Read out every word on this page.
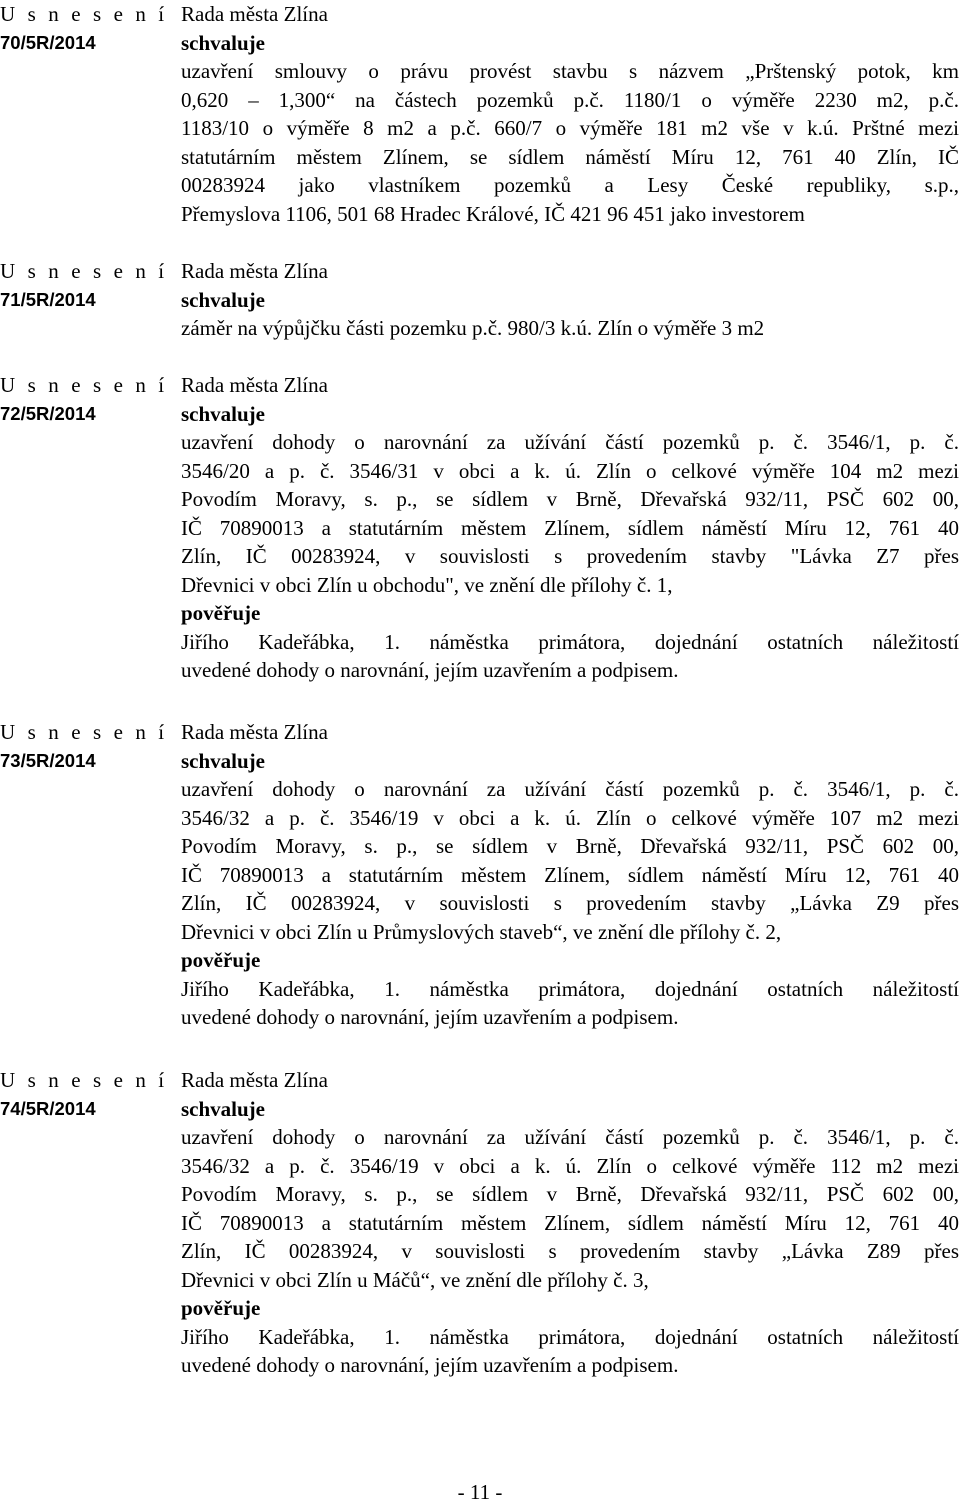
U s n e s e n í
70/5R/2014
Rada města Zlína
schvaluje
uzavření smlouvy o právu provést stavbu s názvem „Prštenský potok, km
0,620 – 1,300“ na částech pozemků p.č. 1180/1 o výměře 2230 m2, p.č.
1183/10 o výměře 8 m2 a p.č. 660/7 o výměře 181 m2 vše v k.ú. Prštné mezi
statutárním městem Zlínem, se sídlem náměstí Míru 12, 761 40 Zlín, IČ
00283924 jako vlastníkem pozemků a Lesy České republiky, s.p.,
Přemyslova 1106, 501 68 Hradec Králové, IČ 421 96 451 jako investorem
U s n e s e n í
71/5R/2014
Rada města Zlína
schvaluje
záměr na výpůjčku části pozemku p.č. 980/3 k.ú. Zlín o výměře 3 m2
U s n e s e n í
72/5R/2014
Rada města Zlína
schvaluje
uzavření dohody o narovnání za užívání částí pozemků p. č. 3546/1, p. č.
3546/20 a p. č. 3546/31 v obci a k. ú. Zlín o celkové výměře 104 m2 mezi
Povodím Moravy, s. p., se sídlem v Brně, Dřevařská 932/11, PSČ 602 00,
IČ 70890013 a statutárním městem Zlínem, sídlem náměstí Míru 12, 761 40
Zlín, IČ 00283924, v souvislosti s provedením stavby "Lávka Z7 přes
Dřevnici v obci Zlín u obchodu", ve znění dle přílohy č. 1,
pověřuje
Jiřího Kadeřábka, 1. náměstka primátora, dojednání ostatních náležitostí
uvedené dohody o narovnání, jejím uzavřením a podpisem.
U s n e s e n í
73/5R/2014
Rada města Zlína
schvaluje
uzavření dohody o narovnání za užívání částí pozemků p. č. 3546/1, p. č.
3546/32 a p. č. 3546/19 v obci a k. ú. Zlín o celkové výměře 107 m2 mezi
Povodím Moravy, s. p., se sídlem v Brně, Dřevařská 932/11, PSČ 602 00,
IČ 70890013 a statutárním městem Zlínem, sídlem náměstí Míru 12, 761 40
Zlín, IČ 00283924, v souvislosti s provedením stavby „Lávka Z9 přes
Dřevnici v obci Zlín u Průmyslových staveb“, ve znění dle přílohy č. 2,
pověřuje
Jiřího Kadeřábka, 1. náměstka primátora, dojednání ostatních náležitostí
uvedené dohody o narovnání, jejím uzavřením a podpisem.
U s n e s e n í
74/5R/2014
Rada města Zlína
schvaluje
uzavření dohody o narovnání za užívání částí pozemků p. č. 3546/1, p. č.
3546/32 a p. č. 3546/19 v obci a k. ú. Zlín o celkové výměře 112 m2 mezi
Povodím Moravy, s. p., se sídlem v Brně, Dřevařská 932/11, PSČ 602 00,
IČ 70890013 a statutárním městem Zlínem, sídlem náměstí Míru 12, 761 40
Zlín, IČ 00283924, v souvislosti s provedením stavby „Lávka Z89 přes
Dřevnici v obci Zlín u Máčů“, ve znění dle přílohy č. 3,
pověřuje
Jiřího Kadeřábka, 1. náměstka primátora, dojednání ostatních náležitostí
uvedené dohody o narovnání, jejím uzavřením a podpisem.
- 11 -
